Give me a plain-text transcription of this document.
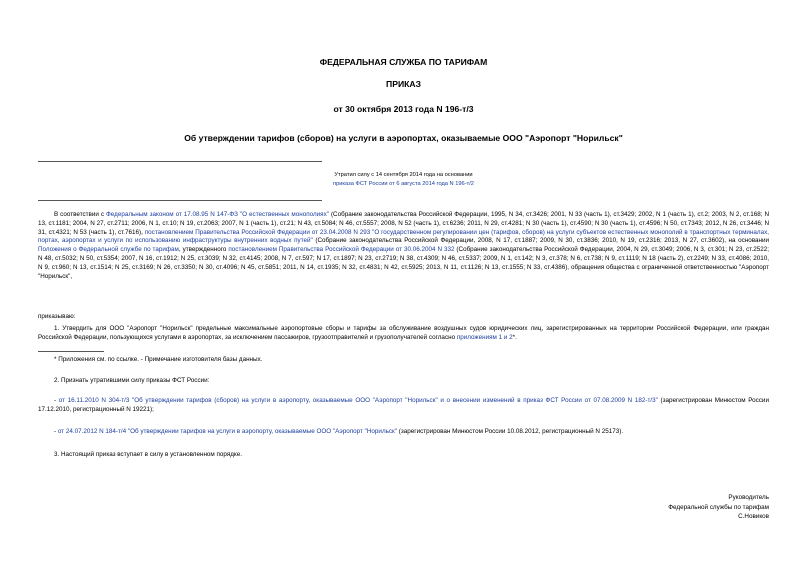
ФЕДЕРАЛЬНАЯ СЛУЖБА ПО ТАРИФАМ
ПРИКАЗ
от 30 октября 2013 года N 196-т/3
Об утверждении тарифов (сборов) на услуги в аэропортах, оказываемые ООО "Аэропорт "Норильск"
Утратил силу с 14 сентября 2014 года на основании
приказа ФСТ России от 6 августа 2014 года N 196-т/2

В соответствии с Федеральным законом от 17.08.95 N 147-ФЗ "О естественных монополиях" (Собрание законодательства Российской Федерации, 1995, N 34, ст.3426; 2001, N 33 (часть 1), ст.3429; 2002, N 1 (часть 1), ст.2; 2003, N 2, ст.168; N 13, ст.1181; 2004, N 27, ст.2711; 2006, N 1, ст.10; N 19, ст.2063; 2007, N 1 (часть 1), ст.21; N 43, ст.5084; N 46, ст.5557; 2008, N 52 (часть 1), ст.6236; 2011, N 29, ст.4281; N 30 (часть 1), ст.4590; N 30 (часть 1), ст.4596; N 50, ст.7343; 2012, N 26, ст.3446; N 31, ст.4321; N 53 (часть 1), ст.7616), постановлением Правительства Российской Федерации от 23.04.2008 N 293 "О государственном регулировании цен (тарифов, сборов) на услуги субъектов естественных монополий в транспортных терминалах, портах, аэропортах и услуги по использованию инфраструктуры внутренних водных путей" (Собрание законодательства Российской Федерации, 2008, N 17, ст.1887; 2009, N 30, ст.3836; 2010, N 19, ст.2316; 2013, N 27, ст.3602), на основании Положения о Федеральной службе по тарифам, утвержденного постановлением Правительства Российской Федерации от 30.06.2004 N 332 (Собрание законодательства Российской Федерации, 2004, N 29, ст.3049; 2006, N 3, ст.301; N 23, ст.2522; N 48, ст.5032; N 50, ст.5354; 2007, N 16, ст.1912; N 25, ст.3039; N 32, ст.4145; 2008, N 7, ст.597; N 17, ст.1897; N 23, ст.2719; N 38, ст.4309; N 46, ст.5337; 2009, N 1, ст.142; N 3, ст.378; N 6, ст.738; N 9, ст.1119; N 18 (часть 2), ст.2249; N 33, ст.4086; 2010, N 9, ст.960; N 13, ст.1514; N 25, ст.3169; N 26, ст.3350; N 30, ст.4096; N 45, ст.5851; 2011, N 14, ст.1935; N 32, ст.4831; N 42, ст.5925; 2013, N 11, ст.1126; N 13, ст.1555; N 33, ст.4386), обращения общества с ограниченной ответственностью "Аэропорт "Норильск",

приказываю:

1. Утвердить для ООО "Аэропорт "Норильск" предельные максимальные аэропортовые сборы и тарифы за обслуживание воздушных судов юридических лиц, зарегистрированных на территории Российской Федерации, или граждан Российской Федерации, пользующихся услугами в аэропортах, за исключением пассажиров, грузоотправителей и грузополучателей согласно приложениям 1 и 2*.

* Приложения см. по ссылке. - Примечание изготовителя базы данных.

2. Признать утратившими силу приказы ФСТ России:

- от 16.11.2010 N 304-т/3 "Об утверждении тарифов (сборов) на услуги в аэропорту, оказываемые ООО "Аэропорт "Норильск" и о внесении изменений в приказ ФСТ России от 07.08.2009 N 182-т/3" (зарегистрирован Минюстом России 17.12.2010, регистрационный N 19221);

- от 24.07.2012 N 184-т/4 "Об утверждении тарифов на услуги в аэропорту, оказываемые ООО "Аэропорт "Норильск" (зарегистрирован Минюстом России 10.08.2012, регистрационный N 25173).

3. Настоящий приказ вступает в силу в установленном порядке.

Руководитель
Федеральной службы по тарифам
С.Новиков
